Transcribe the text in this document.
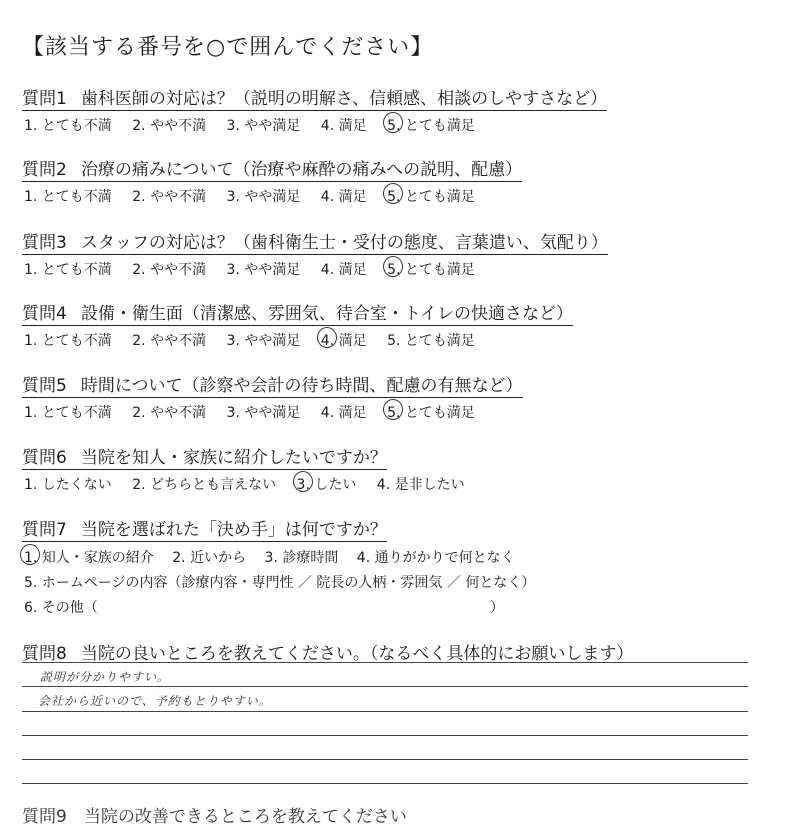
【該当する番号を○で囲んでください】
質問1 歯科医師の対応は？（説明の明解さ、信頼感、相談のしやすさなど）
1. とても不満 2. やや不満 3. やや満足 4. 満足 5. とても満足
質問2 治療の痛みについて（治療や麻酔の痛みへの説明、配慮）
1. とても不満 2. やや不満 3. やや満足 4. 満足 5. とても満足
質問3 スタッフの対応は？（歯科衛生士・受付の態度、言葉遣い、気配り）
1. とても不満 2. やや不満 3. やや満足 4. 満足 5. とても満足
質問4 設備・衛生面（清潔感、雰囲気、待合室・トイレの快適さなど）
1. とても不満 2. やや不満 3. やや満足 4. 満足 5. とても満足
質問5 時間について（診察や会計の待ち時間、配慮の有無など）
1. とても不満 2. やや不満 3. やや満足 4. 満足 5. とても満足
質問6 当院を知人・家族に紹介したいですか？
1. したくない 2. どちらとも言えない 3. したい 4. 是非したい
質問7 当院を選ばれた「決め手」は何ですか？
1. 知人・家族の紹介 2. 近いから 3. 診療時間 4. 通りがかりで何となく
5. ホームページの内容（診療内容・専門性 ／ 院長の人柄・雰囲気 ／ 何となく）
6. その他（	）
質問8 当院の良いところを教えてください。（なるべく具体的にお願いします）
説明が分かりやすい。
会社から近いので、予約もとりやすい。
質問9　当院の改善できるところを教えてください
